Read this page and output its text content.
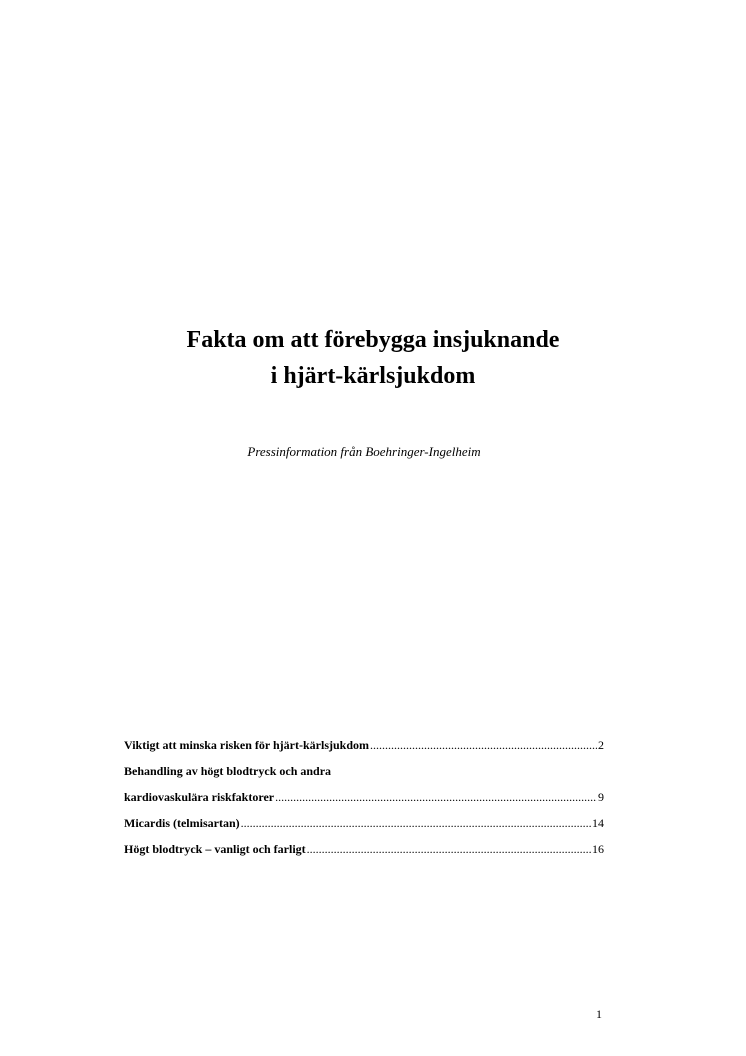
Fakta om att förebygga insjuknande
i hjärt-kärlsjukdom

Pressinformation från Boehringer-Ingelheim

Viktigt att minska risken för hjärt-kärlsjukdom .....	2
Behandling av högt blodtryck och andra
kardiovaskulära riskfaktorer .....	9
Micardis (telmisartan) .....	14
Högt blodtryck – vanligt och farligt .....	16
1
